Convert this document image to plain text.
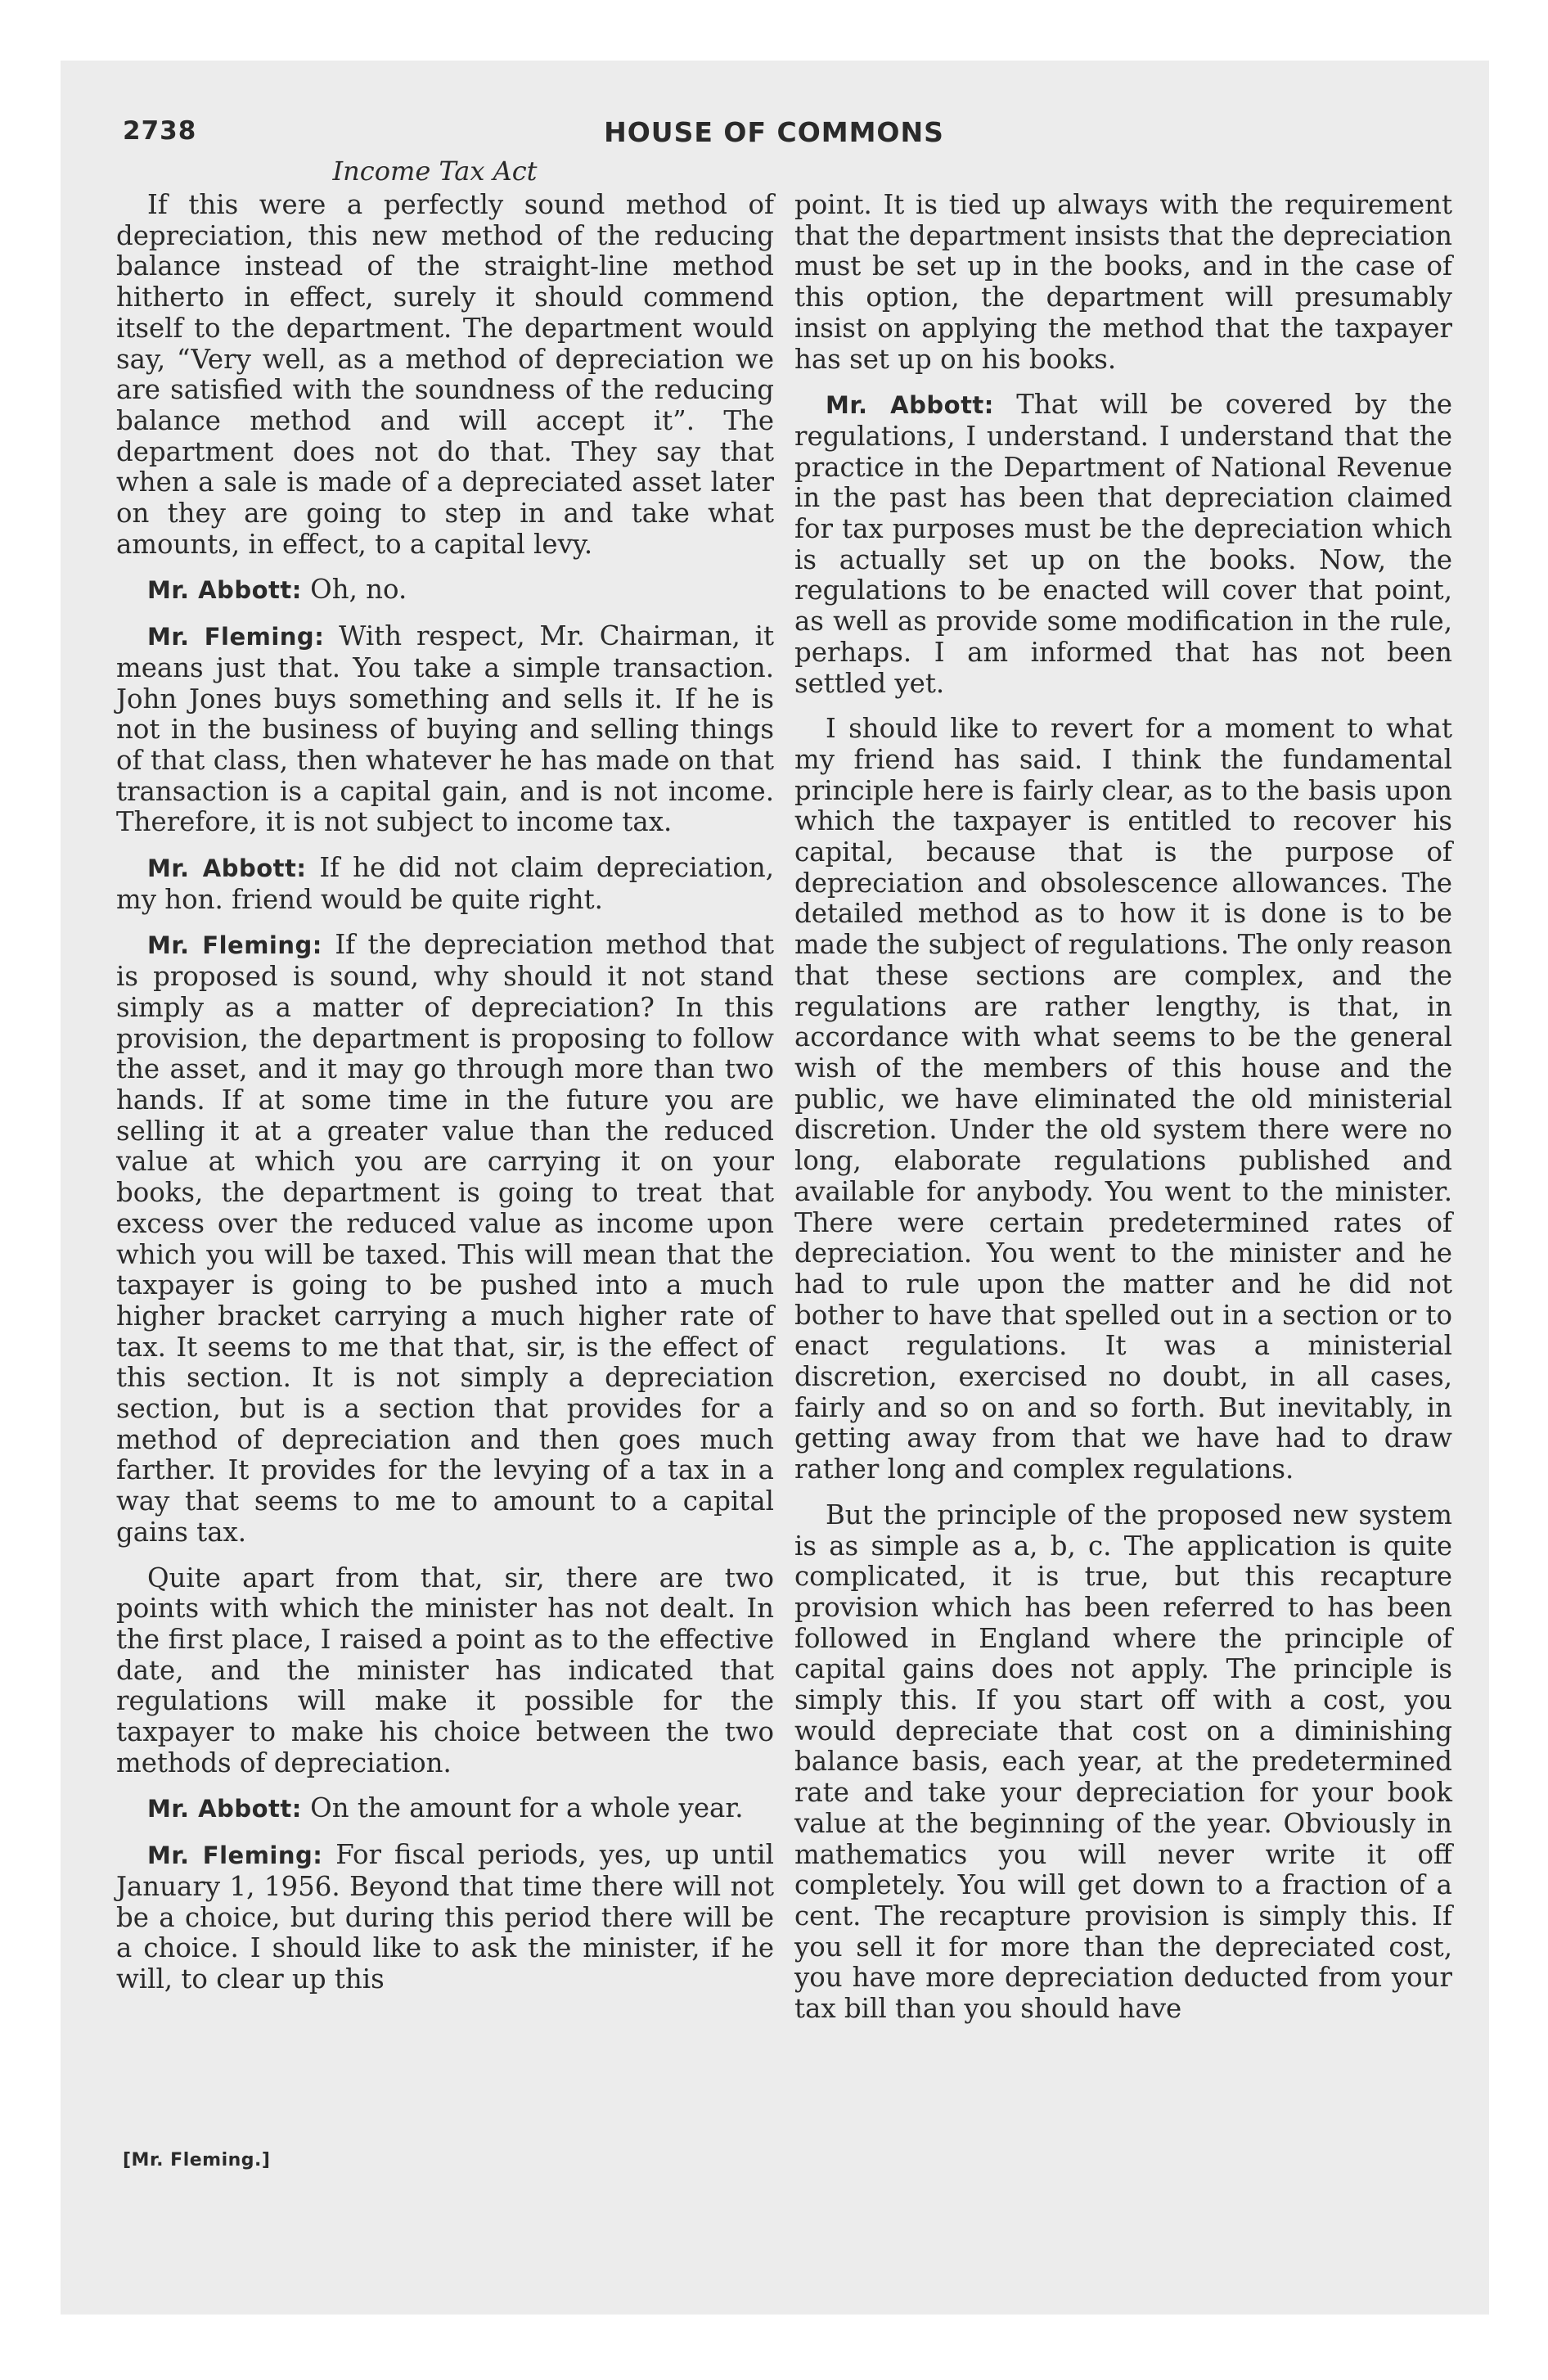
2738	HOUSE OF COMMONS
Income Tax Act

If this were a perfectly sound method of depreciation, this new method of the reducing balance instead of the straight-line method hitherto in effect, surely it should commend itself to the department. The department would say, “Very well, as a method of depreciation we are satisfied with the soundness of the reducing balance method and will accept it”. The department does not do that. They say that when a sale is made of a depreciated asset later on they are going to step in and take what amounts, in effect, to a capital levy.

Mr. Abbott: Oh, no.

Mr. Fleming: With respect, Mr. Chairman, it means just that. You take a simple transaction. John Jones buys something and sells it. If he is not in the business of buying and selling things of that class, then whatever he has made on that transaction is a capital gain, and is not income. Therefore, it is not subject to income tax.

Mr. Abbott: If he did not claim depreciation, my hon. friend would be quite right.

Mr. Fleming: If the depreciation method that is proposed is sound, why should it not stand simply as a matter of depreciation? In this provision, the department is proposing to follow the asset, and it may go through more than two hands. If at some time in the future you are selling it at a greater value than the reduced value at which you are carrying it on your books, the department is going to treat that excess over the reduced value as income upon which you will be taxed. This will mean that the taxpayer is going to be pushed into a much higher bracket carrying a much higher rate of tax. It seems to me that that, sir, is the effect of this section. It is not simply a depreciation section, but is a section that provides for a method of depreciation and then goes much farther. It provides for the levying of a tax in a way that seems to me to amount to a capital gains tax.

Quite apart from that, sir, there are two points with which the minister has not dealt. In the first place, I raised a point as to the effective date, and the minister has indicated that regulations will make it possible for the taxpayer to make his choice between the two methods of depreciation.

Mr. Abbott: On the amount for a whole year.

Mr. Fleming: For fiscal periods, yes, up until January 1, 1956. Beyond that time there will not be a choice, but during this period there will be a choice. I should like to ask the minister, if he will, to clear up this

point. It is tied up always with the requirement that the department insists that the depreciation must be set up in the books, and in the case of this option, the department will presumably insist on applying the method that the taxpayer has set up on his books.

Mr. Abbott: That will be covered by the regulations, I understand. I understand that the practice in the Department of National Revenue in the past has been that depreciation claimed for tax purposes must be the depreciation which is actually set up on the books. Now, the regulations to be enacted will cover that point, as well as provide some modification in the rule, perhaps. I am informed that has not been settled yet.

I should like to revert for a moment to what my friend has said. I think the fundamental principle here is fairly clear, as to the basis upon which the taxpayer is entitled to recover his capital, because that is the purpose of depreciation and obsolescence allowances. The detailed method as to how it is done is to be made the subject of regulations. The only reason that these sections are complex, and the regulations are rather lengthy, is that, in accordance with what seems to be the general wish of the members of this house and the public, we have eliminated the old ministerial discretion. Under the old system there were no long, elaborate regulations published and available for anybody. You went to the minister. There were certain predetermined rates of depreciation. You went to the minister and he had to rule upon the matter and he did not bother to have that spelled out in a section or to enact regulations. It was a ministerial discretion, exercised no doubt, in all cases, fairly and so on and so forth. But inevitably, in getting away from that we have had to draw rather long and complex regulations.

But the principle of the proposed new system is as simple as a, b, c. The application is quite complicated, it is true, but this recapture provision which has been referred to has been followed in England where the principle of capital gains does not apply. The principle is simply this. If you start off with a cost, you would depreciate that cost on a diminishing balance basis, each year, at the predetermined rate and take your depreciation for your book value at the beginning of the year. Obviously in mathematics you will never write it off completely. You will get down to a fraction of a cent. The recapture provision is simply this. If you sell it for more than the depreciated cost, you have more depreciation deducted from your tax bill than you should have

[Mr. Fleming.]
